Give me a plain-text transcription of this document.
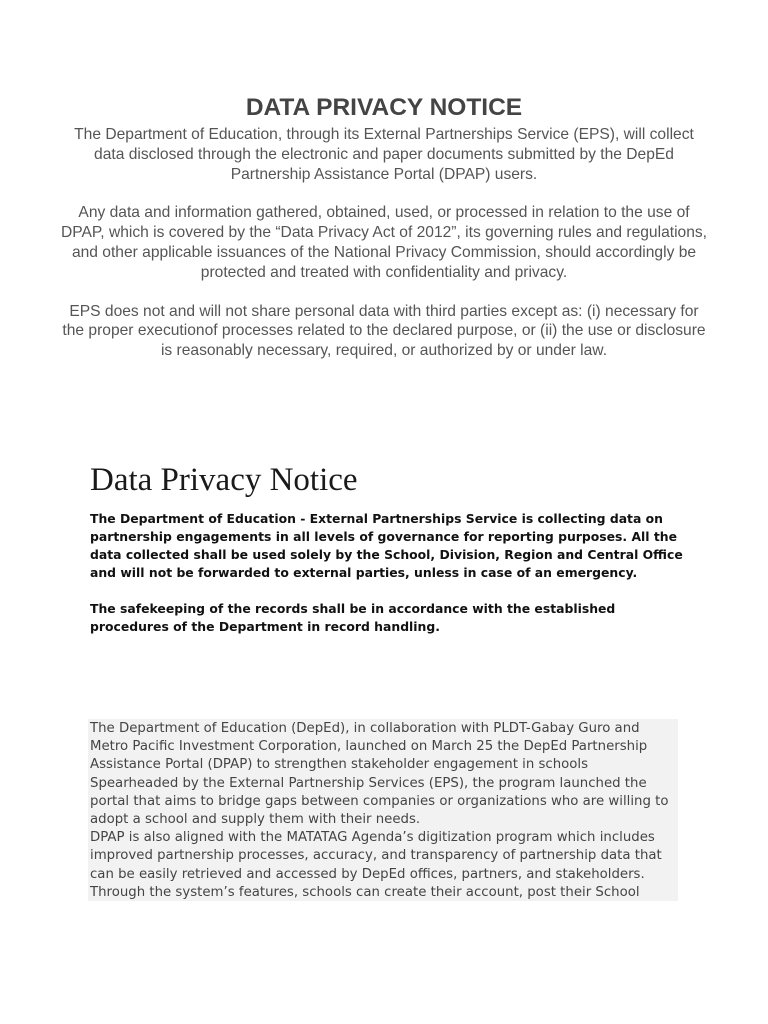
DATA PRIVACY NOTICE

The Department of Education, through its External Partnerships Service (EPS), will collect data disclosed through the electronic and paper documents submitted by the DepEd Partnership Assistance Portal (DPAP) users.

Any data and information gathered, obtained, used, or processed in relation to the use of DPAP, which is covered by the “Data Privacy Act of 2012”, its governing rules and regulations, and other applicable issuances of the National Privacy Commission, should accordingly be protected and treated with confidentiality and privacy.

EPS does not and will not share personal data with third parties except as: (i) necessary for the proper executionof processes related to the declared purpose, or (ii) the use or disclosure is reasonably necessary, required, or authorized by or under law.

Data Privacy Notice

The Department of Education - External Partnerships Service is collecting data on partnership engagements in all levels of governance for reporting purposes. All the data collected shall be used solely by the School, Division, Region and Central Office and will not be forwarded to external parties, unless in case of an emergency.

The safekeeping of the records shall be in accordance with the established procedures of the Department in record handling.

The Department of Education (DepEd), in collaboration with PLDT-Gabay Guro and Metro Pacific Investment Corporation, launched on March 25 the DepEd Partnership Assistance Portal (DPAP) to strengthen stakeholder engagement in schools Spearheaded by the External Partnership Services (EPS), the program launched the portal that aims to bridge gaps between companies or organizations who are willing to adopt a school and supply them with their needs.
DPAP is also aligned with the MATATAG Agenda’s digitization program which includes improved partnership processes, accuracy, and transparency of partnership data that can be easily retrieved and accessed by DepEd offices, partners, and stakeholders. Through the system’s features, schools can create their account, post their School
